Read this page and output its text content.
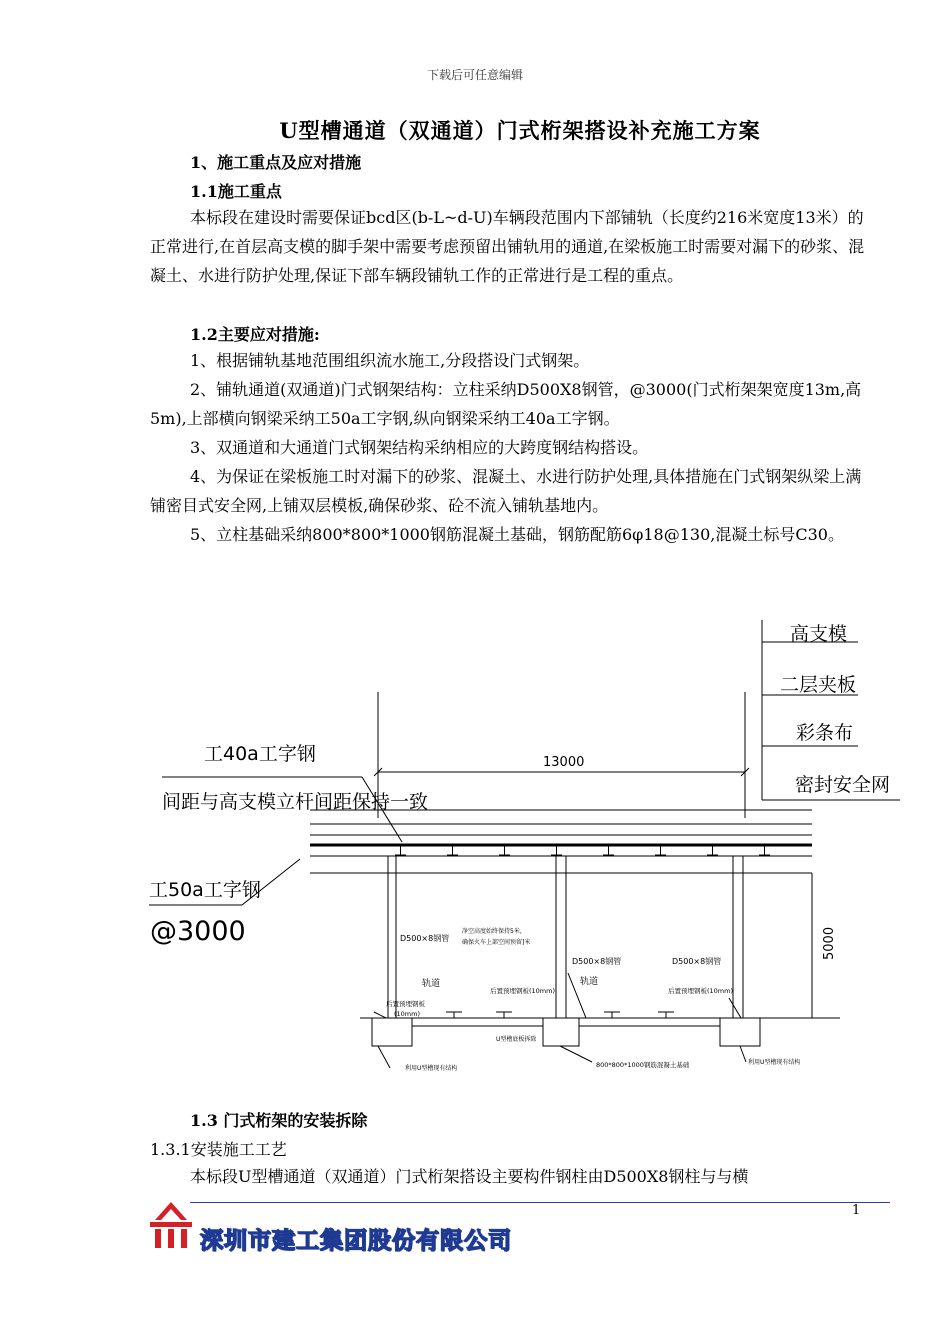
下载后可任意编辑
U型槽通道（双通道）门式桁架搭设补充施工方案
1、施工重点及应对措施
1.1施工重点
本标段在建设时需要保证bcd区(b-L~d-U)车辆段范围内下部铺轨（长度约216米宽度13米）的正常进行,在首层高支模的脚手架中需要考虑预留出铺轨用的通道,在梁板施工时需要对漏下的砂浆、混凝土、水进行防护处理,保证下部车辆段铺轨工作的正常进行是工程的重点。
1.2主要应对措施:
1、根据铺轨基地范围组织流水施工,分段搭设门式钢架。
2、铺轨通道(双通道)门式钢架结构：立柱采纳D500X8钢管，@3000(门式桁架架宽度13m,高5m),上部横向钢梁采纳工50a工字钢,纵向钢梁采纳工40a工字钢。
3、双通道和大通道门式钢架结构采纳相应的大跨度钢结构搭设。
4、为保证在梁板施工时对漏下的砂浆、混凝土、水进行防护处理,具体措施在门式钢架纵梁上满铺密目式安全网,上铺双层模板,确保砂浆、砼不流入铺轨基地内。
5、立柱基础采纳800*800*1000钢筋混凝土基础，钢筋配筋6φ18@130,混凝土标号C30。
高支模
二层夹板
彩条布
密封安全网
工40a工字钢
间距与高支模立杆间距保持一致
工50a工字钢
@3000
13000
5000
D500×8钢管
D500×8钢管	D500×8钢管
净空高度始终保持5米，
确保火车上部空间预留]米
轨道	轨道
后置预埋钢板(10mm)	后置预埋钢板(10mm)
后置预埋钢板
(10mm)
U型槽底板拆除
800*800*1000钢筋混凝土基础
利用U型槽现有结构
利用U型槽现有结构
1.3 门式桁架的安装拆除
1.3.1安装施工工艺
本标段U型槽通道（双通道）门式桁架搭设主要构件钢柱由D500X8钢柱与与横
1
深圳市建工集团股份有限公司
